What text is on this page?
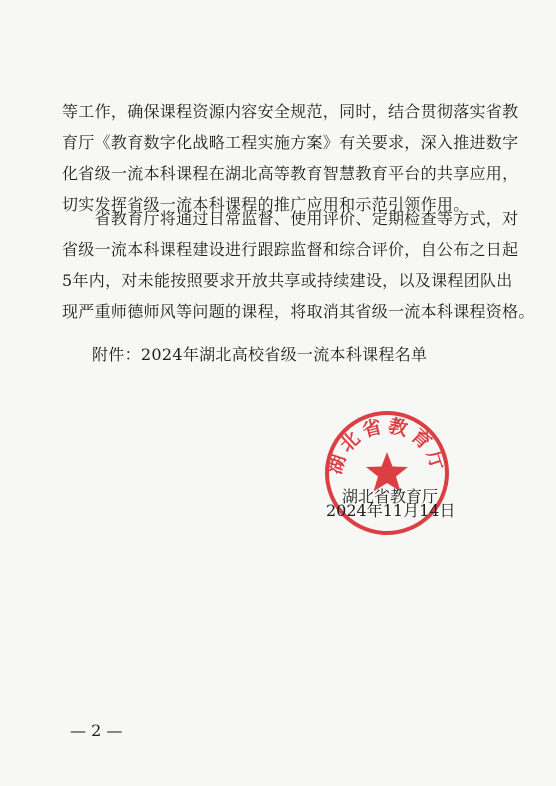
等工作，确保课程资源内容安全规范，同时，结合贯彻落实省教
育厅《教育数字化战略工程实施方案》有关要求，深入推进数字
化省级一流本科课程在湖北高等教育智慧教育平台的共享应用，
切实发挥省级一流本科课程的推广应用和示范引领作用。

　　省教育厅将通过日常监督、使用评价、定期检查等方式，对
省级一流本科课程建设进行跟踪监督和综合评价，自公布之日起
5年内，对未能按照要求开放共享或持续建设，以及课程团队出
现严重师德师风等问题的课程，将取消其省级一流本科课程资格。

附件：2024年湖北高校省级一流本科课程名单

湖北省教育厅
湖北省教育厅
2024年11月14日
— 2 —
